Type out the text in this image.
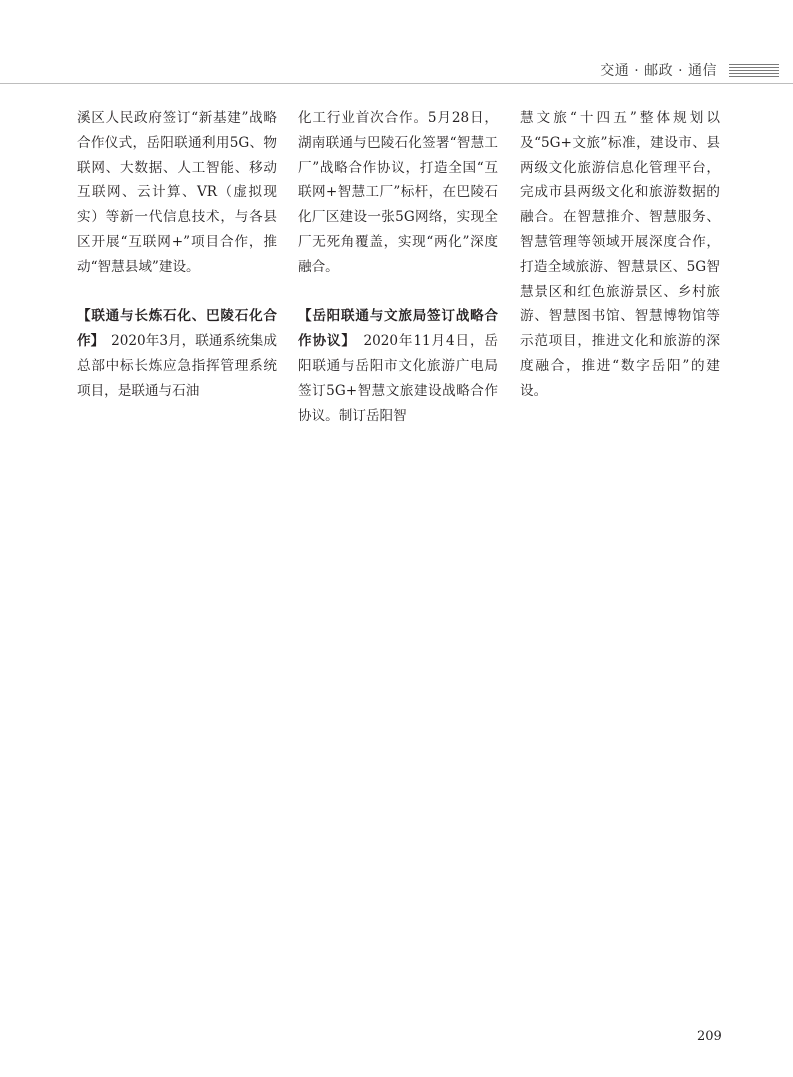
交通 · 邮政 · 通信

溪区人民政府签订“新基建”战略合作仪式，岳阳联通利用5G、物联网、大数据、人工智能、移动互联网、云计算、VR（虚拟现实）等新一代信息技术，与各县区开展“互联网+”项目合作，推动“智慧县域”建设。

【联通与长炼石化、巴陵石化合作】　2020年3月，联通系统集成总部中标长炼应急指挥管理系统项目，是联通与石油

化工行业首次合作。5月28日，湖南联通与巴陵石化签署“智慧工厂”战略合作协议，打造全国“互联网+智慧工厂”标杆，在巴陵石化厂区建设一张5G网络，实现全厂无死角覆盖，实现“两化”深度融合。

【岳阳联通与文旅局签订战略合作协议】　2020年11月4日，岳阳联通与岳阳市文化旅游广电局签订5G+智慧文旅建设战略合作协议。制订岳阳智

慧文旅“十四五”整体规划以及“5G+文旅”标准，建设市、县两级文化旅游信息化管理平台，完成市县两级文化和旅游数据的融合。在智慧推介、智慧服务、智慧管理等领域开展深度合作，打造全域旅游、智慧景区、5G智慧景区和红色旅游景区、乡村旅游、智慧图书馆、智慧博物馆等示范项目，推进文化和旅游的深度融合，推进“数字岳阳”的建设。

209
